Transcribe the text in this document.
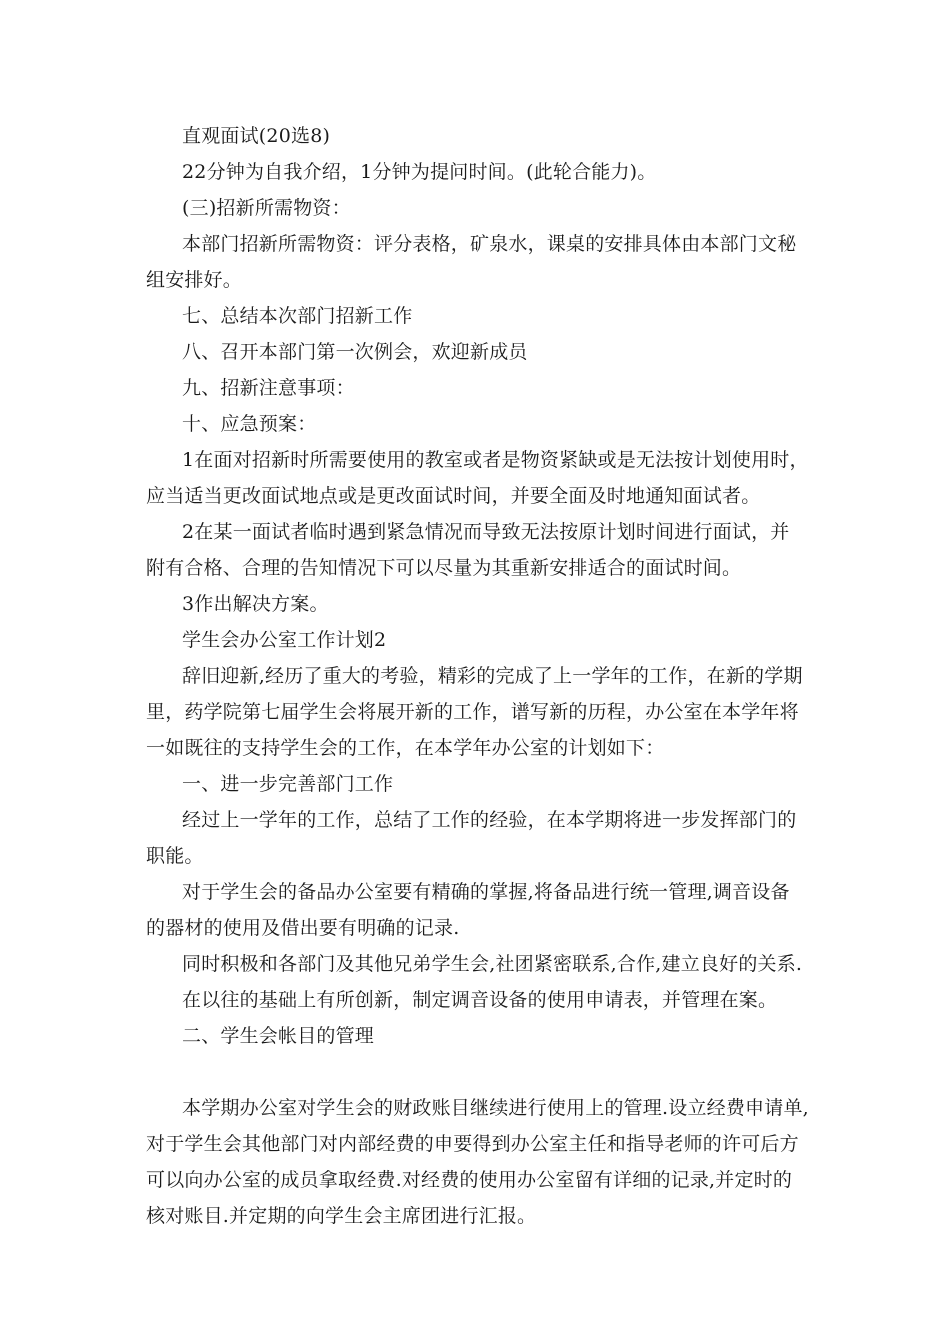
直观面试(20选8)
22分钟为自我介绍，1分钟为提问时间。(此轮合能力)。
(三)招新所需物资：
本部门招新所需物资：评分表格，矿泉水，课桌的安排具体由本部门文秘
组安排好。
七、总结本次部门招新工作
八、召开本部门第一次例会，欢迎新成员
九、招新注意事项：
十、应急预案：
1在面对招新时所需要使用的教室或者是物资紧缺或是无法按计划使用时，
应当适当更改面试地点或是更改面试时间，并要全面及时地通知面试者。
2在某一面试者临时遇到紧急情况而导致无法按原计划时间进行面试，并
附有合格、合理的告知情况下可以尽量为其重新安排适合的面试时间。
3作出解决方案。
学生会办公室工作计划2
辞旧迎新,经历了重大的考验，精彩的完成了上一学年的工作，在新的学期
里，药学院第七届学生会将展开新的工作，谱写新的历程，办公室在本学年将
一如既往的支持学生会的工作，在本学年办公室的计划如下：
一、进一步完善部门工作
经过上一学年的工作，总结了工作的经验，在本学期将进一步发挥部门的
职能。
对于学生会的备品办公室要有精确的掌握,将备品进行统一管理,调音设备
的器材的使用及借出要有明确的记录.
同时积极和各部门及其他兄弟学生会,社团紧密联系,合作,建立良好的关系.
在以往的基础上有所创新，制定调音设备的使用申请表，并管理在案。
二、学生会帐目的管理
本学期办公室对学生会的财政账目继续进行使用上的管理.设立经费申请单,
对于学生会其他部门对内部经费的申要得到办公室主任和指导老师的许可后方
可以向办公室的成员拿取经费.对经费的使用办公室留有详细的记录,并定时的
核对账目.并定期的向学生会主席团进行汇报。
